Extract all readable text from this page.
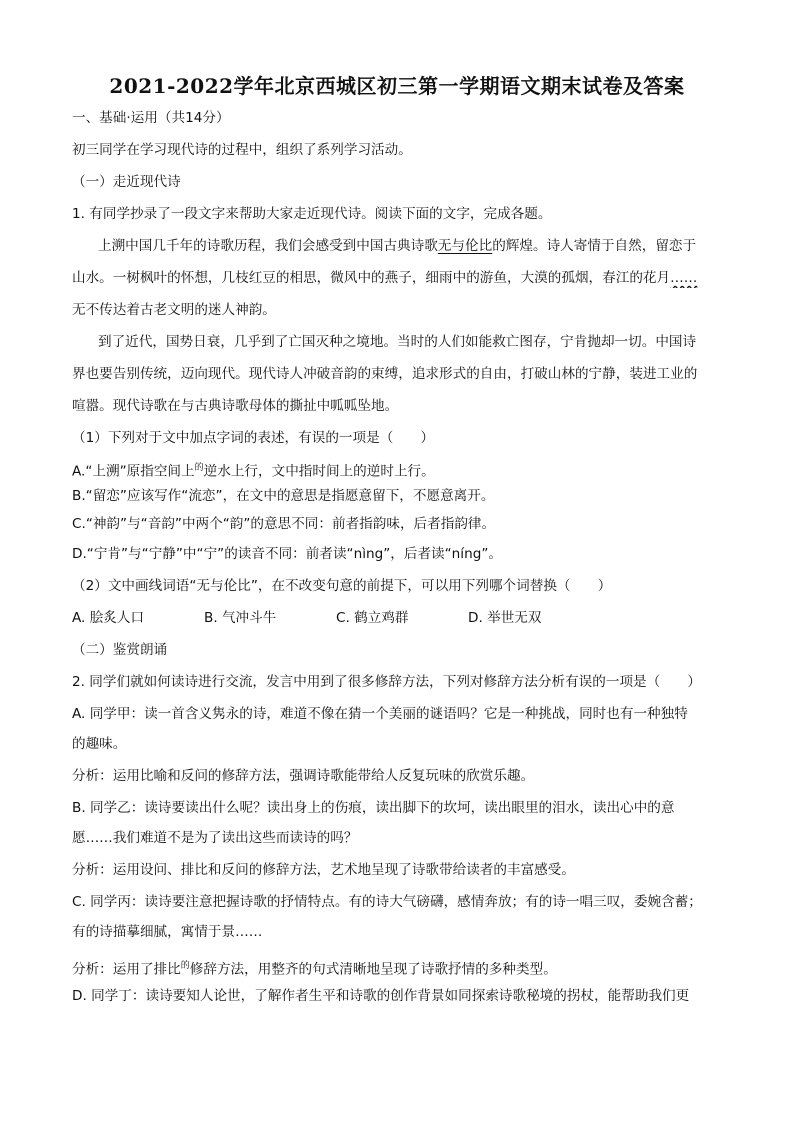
2021-2022学年北京西城区初三第一学期语文期末试卷及答案
一、基础·运用（共14分）
初三同学在学习现代诗的过程中，组织了系列学习活动。
（一）走近现代诗
1. 有同学抄录了一段文字来帮助大家走近现代诗。阅读下面的文字，完成各题。
上溯中国几千年的诗歌历程，我们会感受到中国古典诗歌无与伦比的辉煌。诗人寄情于自然，留恋于
山水。一树枫叶的怀想，几枝红豆的相思，微风中的燕子，细雨中的游鱼，大漠的孤烟，春江的花月……
无不传达着古老文明的迷人神韵。
到了近代，国势日衰，几乎到了亡国灭种之境地。当时的人们如能救亡图存，宁肯抛却一切。中国诗
界也要告别传统，迈向现代。现代诗人冲破音韵的束缚，追求形式的自由，打破山林的宁静，装进工业的
喧嚣。现代诗歌在与古典诗歌母体的撕扯中呱呱坠地。
（1）下列对于文中加点字词的表述，有误的一项是（　　）
A.“上溯”原指空间上$^的$逆水上行，文中指时间上的逆时上行。
B.“留恋”应该写作“流恋”，在文中的意思是指愿意留下，不愿意离开。
C.“神韵”与“音韵”中两个“韵”的意思不同：前者指韵味，后者指韵律。
D.“宁肯”与“宁静”中“宁”的读音不同：前者读“nìng”，后者读“níng”。
（2）文中画线词语“无与伦比”，在不改变句意的前提下，可以用下列哪个词替换（　　）
A. 脍炙人口	B. 气冲斗牛	C. 鹤立鸡群	D. 举世无双
（二）鉴赏朗诵
2. 同学们就如何读诗进行交流，发言中用到了很多修辞方法，下列对修辞方法分析有误的一项是（　　）
A. 同学甲：读一首含义隽永的诗，难道不像在猜一个美丽的谜语吗？它是一种挑战，同时也有一种独特
的趣味。
分析：运用比喻和反问的修辞方法，强调诗歌能带给人反复玩味的欣赏乐趣。
B. 同学乙：读诗要读出什么呢？读出身上的伤痕，读出脚下的坎坷，读出眼里的泪水，读出心中的意
愿……我们难道不是为了读出这些而读诗的吗？
分析：运用设问、排比和反问的修辞方法，艺术地呈现了诗歌带给读者的丰富感受。
C. 同学丙：读诗要注意把握诗歌的抒情特点。有的诗大气磅礴，感情奔放；有的诗一唱三叹，委婉含蓄；
有的诗描摹细腻，寓情于景……
分析：运用了排比$^的$修辞方法，用整齐的句式清晰地呈现了诗歌抒情的多种类型。
D. 同学丁：读诗要知人论世，了解作者生平和诗歌的创作背景如同探索诗歌秘境的拐杖，能帮助我们更
